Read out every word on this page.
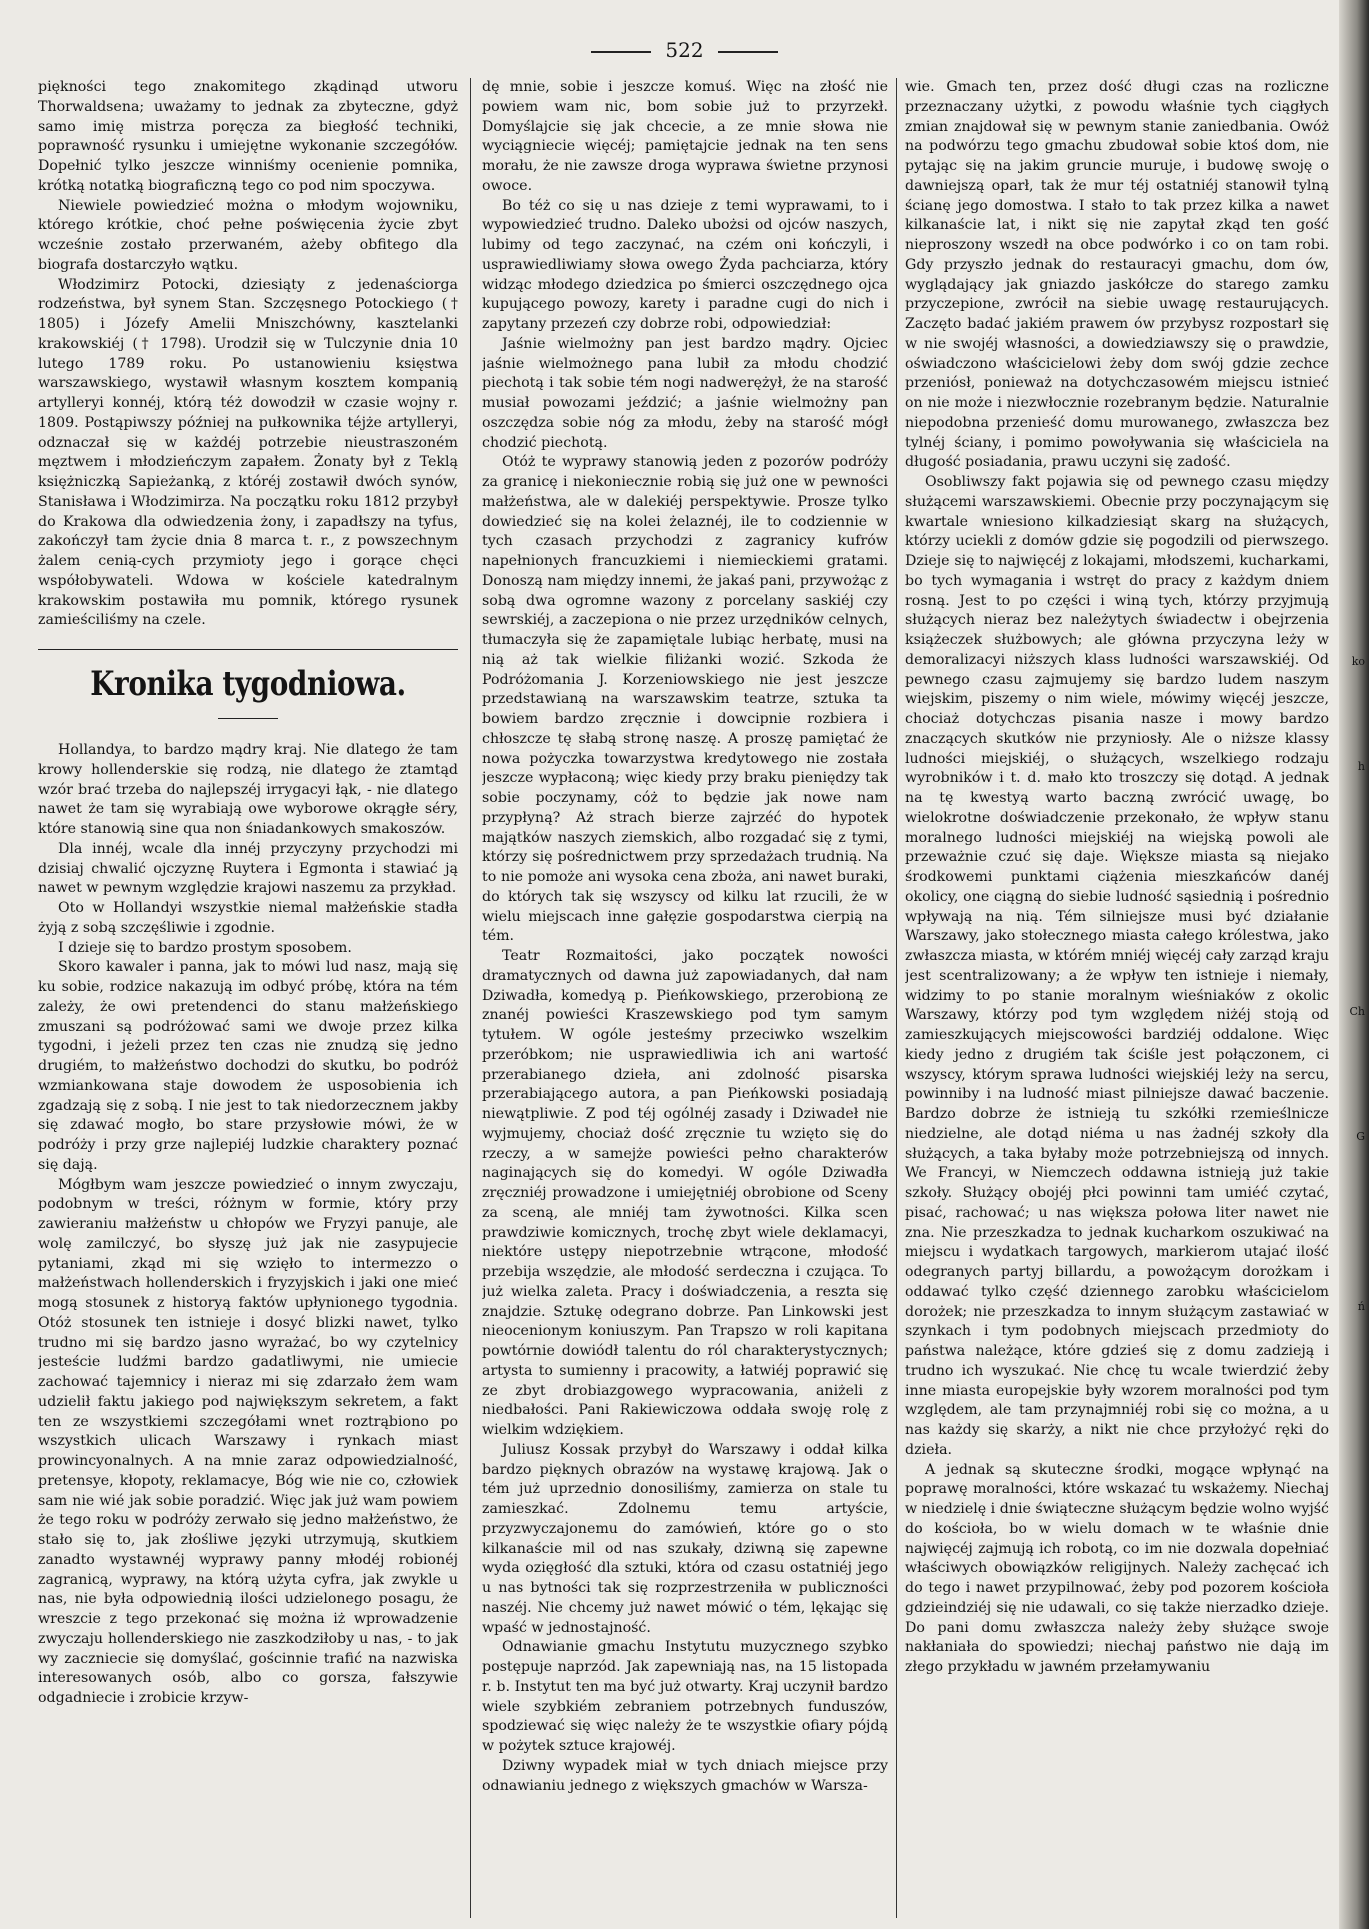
522

piękności tego znakomitego zkądinąd utworu Thorwaldsena; uważamy to jednak za zbyteczne, gdyż samo imię mistrza poręcza za biegłość techniki, poprawność rysunku i umiejętne wykonanie szczegółów. Dopełnić tylko jeszcze winniśmy ocenienie pomnika, krótką notatką biograficzną tego co pod nim spoczywa.

Niewiele powiedzieć można o młodym wojowniku, którego krótkie, choć pełne poświęcenia życie zbyt wcześnie zostało przerwaném, ażeby obfitego dla biografa dostarczyło wątku.

Włodzimirz Potocki, dziesiąty z jedenaściorga rodzeństwa, był synem Stan. Szczęsnego Potockiego († 1805) i Józefy Amelii Mniszchówny, kasztelanki krakowskiéj († 1798). Urodził się w Tulczynie dnia 10 lutego 1789 roku. Po ustanowieniu księstwa warszawskiego, wystawił własnym kosztem kompanią artylleryi konnéj, którą téż dowodził w czasie wojny r. 1809. Postąpiwszy później na pułkownika téjże artylleryi, odznaczał się w każdéj potrzebie nieustraszoném męztwem i młodzieńczym zapałem. Żonaty był z Teklą księżniczką Sapieżanką, z któréj zostawił dwóch synów, Stanisława i Włodzimirza. Na początku roku 1812 przybył do Krakowa dla odwiedzenia żony, i zapadłszy na tyfus, zakończył tam życie dnia 8 marca t. r., z powszechnym żalem cenią-cych przymioty jego i gorące chęci współobywateli. Wdowa w kościele katedralnym krakowskim postawiła mu pomnik, którego rysunek zamieściliśmy na czele.

Kronika tygodniowa.

Hollandya, to bardzo mądry kraj. Nie dlatego że tam krowy hollenderskie się rodzą, nie dlatego że ztamtąd wzór brać trzeba do najlepszéj irrygacyi łąk, - nie dlatego nawet że tam się wyrabiają owe wyborowe okrągłe séry, które stanowią sine qua non śniadankowych smakoszów.

Dla innéj, wcale dla innéj przyczyny przychodzi mi dzisiaj chwalić ojczyznę Ruytera i Egmonta i stawiać ją nawet w pewnym względzie krajowi naszemu za przykład.

Oto w Hollandyi wszystkie niemal małżeńskie stadła żyją z sobą szczęśliwie i zgodnie.

I dzieje się to bardzo prostym sposobem.

Skoro kawaler i panna, jak to mówi lud nasz, mają się ku sobie, rodzice nakazują im odbyć próbę, która na tém zależy, że owi pretendenci do stanu małżeńskiego zmuszani są podróżować sami we dwoje przez kilka tygodni, i jeżeli przez ten czas nie znudzą się jedno drugiém, to małżeństwo dochodzi do skutku, bo podróż wzmiankowana staje dowodem że usposobienia ich zgadzają się z sobą. I nie jest to tak niedorzecznem jakby się zdawać mogło, bo stare przysłowie mówi, że w podróży i przy grze najlepiéj ludzkie charaktery poznać się dają.

Mógłbym wam jeszcze powiedzieć o innym zwyczaju, podobnym w treści, różnym w formie, który przy zawieraniu małżeństw u chłopów we Fryzyi panuje, ale wolę zamilczyć, bo słyszę już jak nie zasypujecie pytaniami, zkąd mi się wzięło to intermezzo o małżeństwach hollenderskich i fryzyjskich i jaki one mieć mogą stosunek z historyą faktów upłynionego tygodnia. Otóż stosunek ten istnieje i dosyć blizki nawet, tylko trudno mi się bardzo jasno wyrażać, bo wy czytelnicy jesteście ludźmi bardzo gadatliwymi, nie umiecie zachować tajemnicy i nieraz mi się zdarzało żem wam udzielił faktu jakiego pod największym sekretem, a fakt ten ze wszystkiemi szczegółami wnet roztrąbiono po wszystkich ulicach Warszawy i rynkach miast prowincyonalnych. A na mnie zaraz odpowiedzialność, pretensye, kłopoty, reklamacye, Bóg wie nie co, człowiek sam nie wié jak sobie poradzić. Więc jak już wam powiem że tego roku w podróży zerwało się jedno małżeństwo, że stało się to, jak złośliwe języki utrzymują, skutkiem zanadto wystawnéj wyprawy panny młodéj robionéj zagranicą, wyprawy, na którą użyta cyfra, jak zwykle u nas, nie była odpowiednią ilości udzielonego posagu, że wreszcie z tego przekonać się można iż wprowadzenie zwyczaju hollenderskiego nie zaszkodziłoby u nas, - to jak wy zaczniecie się domyślać, gościnnie trafić na nazwiska interesowanych osób, albo co gorsza, fałszywie odgadniecie i zrobicie krzyw-

dę mnie, sobie i jeszcze komuś. Więc na złość nie powiem wam nic, bom sobie już to przyrzekł. Domyślajcie się jak chcecie, a ze mnie słowa nie wyciągniecie więcéj; pamiętajcie jednak na ten sens morału, że nie zawsze droga wyprawa świetne przynosi owoce.

Bo téż co się u nas dzieje z temi wyprawami, to i wypowiedzieć trudno. Daleko ubożsi od ojców naszych, lubimy od tego zaczynać, na czém oni kończyli, i usprawiedliwiamy słowa owego Żyda pachciarza, który widząc młodego dziedzica po śmierci oszczędnego ojca kupującego powozy, karety i paradne cugi do nich i zapytany przezeń czy dobrze robi, odpowiedział:

Jaśnie wielmożny pan jest bardzo mądry. Ojciec jaśnie wielmożnego pana lubił za młodu chodzić piechotą i tak sobie tém nogi nadwerężył, że na starość musiał powozami jeździć; a jaśnie wielmożny pan oszczędza sobie nóg za młodu, żeby na starość mógł chodzić piechotą.

Otóż te wyprawy stanowią jeden z pozorów podróży za granicę i niekoniecznie robią się już one w pewności małżeństwa, ale w dalekiéj perspektywie. Prosze tylko dowiedzieć się na kolei żelaznéj, ile to codziennie w tych czasach przychodzi z zagranicy kufrów napełnionych francuzkiemi i niemieckiemi gratami. Donoszą nam między innemi, że jakaś pani, przywożąc z sobą dwa ogromne wazony z porcelany saskiéj czy sewrskiéj, a zaczepiona o nie przez urzędników celnych, tłumaczyła się że zapamiętale lubiąc herbatę, musi na nią aż tak wielkie filiżanki wozić. Szkoda że Podróżomania J. Korzeniowskiego nie jest jeszcze przedstawianą na warszawskim teatrze, sztuka ta bowiem bardzo zręcznie i dowcipnie rozbiera i chłoszcze tę słabą stronę naszę. A proszę pamiętać że nowa pożyczka towarzystwa kredytowego nie została jeszcze wypłaconą; więc kiedy przy braku pieniędzy tak sobie poczynamy, cóż to będzie jak nowe nam przypłyną? Aż strach bierze zajrzéć do hypotek majątków naszych ziemskich, albo rozgadać się z tymi, którzy się pośrednictwem przy sprzedażach trudnią. Na to nie pomoże ani wysoka cena zboża, ani nawet buraki, do których tak się wszyscy od kilku lat rzucili, że w wielu miejscach inne gałęzie gospodarstwa cierpią na tém.

Teatr Rozmaitości, jako początek nowości dramatycznych od dawna już zapowiadanych, dał nam Dziwadła, komedyą p. Pieńkowskiego, przerobioną ze znanéj powieści Kraszewskiego pod tym samym tytułem. W ogóle jesteśmy przeciwko wszelkim przeróbkom; nie usprawiedliwia ich ani wartość przerabianego dzieła, ani zdolność pisarska przerabiającego autora, a pan Pieńkowski posiadają niewątpliwie. Z pod téj ogólnéj zasady i Dziwadeł nie wyjmujemy, chociaż dość zręcznie tu wzięto się do rzeczy, a w samejże powieści pełno charakterów naginających się do komedyi. W ogóle Dziwadła zręczniéj prowadzone i umiejętniéj obrobione od Sceny za sceną, ale mniéj tam żywotności. Kilka scen prawdziwie komicznych, trochę zbyt wiele deklamacyi, niektóre ustępy niepotrzebnie wtrącone, młodość przebija wszędzie, ale młodość serdeczna i czująca. To już wielka zaleta. Pracy i doświadczenia, a reszta się znajdzie. Sztukę odegrano dobrze. Pan Linkowski jest nieocenionym koniuszym. Pan Trapszo w roli kapitana powtórnie dowiódł talentu do ról charakterystycznych; artysta to sumienny i pracowity, a łatwiéj poprawić się ze zbyt drobiazgowego wypracowania, aniżeli z niedbałości. Pani Rakiewiczowa oddała swoję rolę z wielkim wdziękiem.

Juliusz Kossak przybył do Warszawy i oddał kilka bardzo pięknych obrazów na wystawę krajową. Jak o tém już uprzednio donosiliśmy, zamierza on stale tu zamieszkać. Zdolnemu temu artyście, przyzwyczajonemu do zamówień, które go o sto kilkanaście mil od nas szukały, dziwną się zapewne wyda ozięgłość dla sztuki, która od czasu ostatniéj jego u nas bytności tak się rozprzestrzeniła w publiczności naszéj. Nie chcemy już nawet mówić o tém, lękając się wpaść w jednostajność.

Odnawianie gmachu Instytutu muzycznego szybko postępuje naprzód. Jak zapewniają nas, na 15 listopada r. b. Instytut ten ma być już otwarty. Kraj uczynił bardzo wiele szybkiém zebraniem potrzebnych funduszów, spodziewać się więc należy że te wszystkie ofiary pójdą w pożytek sztuce krajowéj.

Dziwny wypadek miał w tych dniach miejsce przy odnawianiu jednego z większych gmachów w Warsza-

wie. Gmach ten, przez dość długi czas na rozliczne przeznaczany użytki, z powodu właśnie tych ciągłych zmian znajdował się w pewnym stanie zaniedbania. Owóż na podwórzu tego gmachu zbudował sobie ktoś dom, nie pytając się na jakim gruncie muruje, i budowę swoję o dawniejszą oparł, tak że mur téj ostatniéj stanowił tylną ścianę jego domostwa. I stało to tak przez kilka a nawet kilkanaście lat, i nikt się nie zapytał zkąd ten gość nieproszony wszedł na obce podwórko i co on tam robi. Gdy przyszło jednak do restauracyi gmachu, dom ów, wyglądający jak gniazdo jaskółcze do starego zamku przyczepione, zwrócił na siebie uwagę restaurujących. Zaczęto badać jakiém prawem ów przybysz rozpostarł się w nie swojéj własności, a dowiedziawszy się o prawdzie, oświadczono właścicielowi żeby dom swój gdzie zechce przeniósł, ponieważ na dotychczasowém miejscu istnieć on nie może i niezwłocznie rozebranym będzie. Naturalnie niepodobna przenieść domu murowanego, zwłaszcza bez tylnéj ściany, i pomimo powoływania się właściciela na długość posiadania, prawu uczyni się zadość.

Osobliwszy fakt pojawia się od pewnego czasu między służącemi warszawskiemi. Obecnie przy poczynającym się kwartale wniesiono kilkadziesiąt skarg na służących, którzy uciekli z domów gdzie się pogodzili od pierwszego. Dzieje się to najwięcéj z lokajami, młodszemi, kucharkami, bo tych wymagania i wstręt do pracy z każdym dniem rosną. Jest to po części i winą tych, którzy przyjmują służących nieraz bez należytych świadectw i obejrzenia książeczek służbowych; ale główna przyczyna leży w demoralizacyi niższych klass ludności warszawskiéj. Od pewnego czasu zajmujemy się bardzo ludem naszym wiejskim, piszemy o nim wiele, mówimy więcéj jeszcze, chociaż dotychczas pisania nasze i mowy bardzo znaczących skutków nie przyniosły. Ale o niższe klassy ludności miejskiéj, o służących, wszelkiego rodzaju wyrobników i t. d. mało kto troszczy się dotąd. A jednak na tę kwestyą warto baczną zwrócić uwagę, bo wielokrotne doświadczenie przekonało, że wpływ stanu moralnego ludności miejskiéj na wiejską powoli ale przeważnie czuć się daje. Większe miasta są niejako środkowemi punktami ciążenia mieszkańców danéj okolicy, one ciągną do siebie ludność sąsiednią i pośrednio wpływają na nią. Tém silniejsze musi być działanie Warszawy, jako stołecznego miasta całego królestwa, jako zwłaszcza miasta, w którém mniéj więcéj cały zarząd kraju jest scentralizowany; a że wpływ ten istnieje i niemały, widzimy to po stanie moralnym wieśniaków z okolic Warszawy, którzy pod tym względem niżéj stoją od zamieszkujących miejscowości bardziéj oddalone. Więc kiedy jedno z drugiém tak ściśle jest połączonem, ci wszyscy, którym sprawa ludności wiejskiéj leży na sercu, powinniby i na ludność miast pilniejsze dawać baczenie. Bardzo dobrze że istnieją tu szkółki rzemieślnicze niedzielne, ale dotąd niéma u nas żadnéj szkoły dla służących, a taka byłaby może potrzebniejszą od innych. We Francyi, w Niemczech oddawna istnieją już takie szkoły. Służący obojéj płci powinni tam umiéć czytać, pisać, rachować; u nas większa połowa liter nawet nie zna. Nie przeszkadza to jednak kucharkom oszukiwać na miejscu i wydatkach targowych, markierom utajać ilość odegranych partyj billardu, a powożącym dorożkam i oddawać tylko część dziennego zarobku właścicielom dorożek; nie przeszkadza to innym służącym zastawiać w szynkach i tym podobnych miejscach przedmioty do państwa należące, które gdzieś się z domu zadzieją i trudno ich wyszukać. Nie chcę tu wcale twierdzić żeby inne miasta europejskie były wzorem moralności pod tym względem, ale tam przynajmniéj robi się co można, a u nas każdy się skarży, a nikt nie chce przyłożyć ręki do dzieła.

A jednak są skuteczne środki, mogące wpłynąć na poprawę moralności, które wskazać tu wskażemy. Niechaj w niedzielę i dnie świąteczne służącym będzie wolno wyjść do kościoła, bo w wielu domach w te właśnie dnie najwięcéj zajmują ich robotą, co im nie dozwala dopełniać właściwych obowiązków religijnych. Należy zachęcać ich do tego i nawet przypilnować, żeby pod pozorem kościoła gdzieindziéj się nie udawali, co się także nierzadko dzieje. Do pani domu zwłaszcza należy żeby służące swoje nakłaniała do spowiedzi; niechaj państwo nie dają im złego przykładu w jawném przełamywaniu

ko
h
Ch
G
ń
